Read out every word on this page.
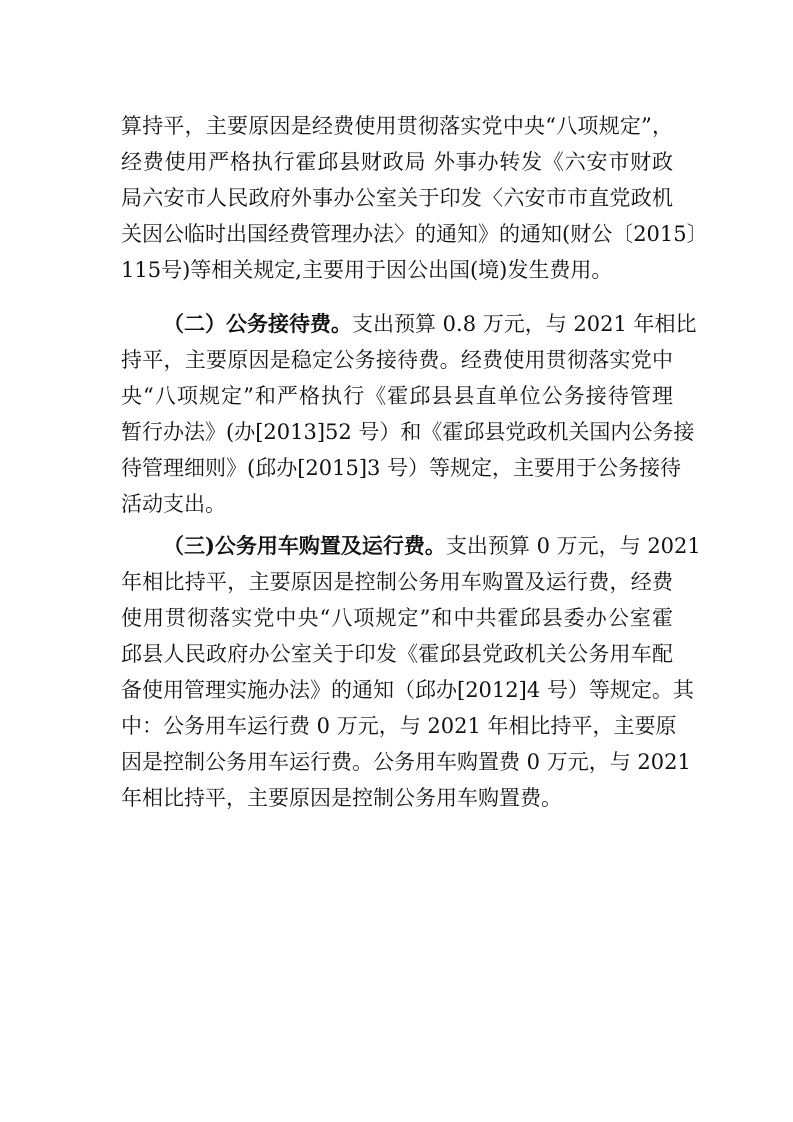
算持平，主要原因是经费使用贯彻落实党中央“八项规定”，
经费使用严格执行霍邱县财政局 外事办转发《六安市财政
局六安市人民政府外事办公室关于印发〈六安市市直党政机
关因公临时出国经费管理办法〉的通知》的通知(财公〔2015〕
115号)等相关规定,主要用于因公出国(境)发生费用。
（二）公务接待费。支出预算 0.8 万元，与 2021 年相比
持平，主要原因是稳定公务接待费。经费使用贯彻落实党中
央“八项规定”和严格执行《霍邱县县直单位公务接待管理
暂行办法》(办[2013]52 号）和《霍邱县党政机关国内公务接
待管理细则》(邱办[2015]3 号）等规定，主要用于公务接待
活动支出。
（三)公务用车购置及运行费。支出预算 0 万元，与 2021
年相比持平，主要原因是控制公务用车购置及运行费，经费
使用贯彻落实党中央“八项规定”和中共霍邱县委办公室霍
邱县人民政府办公室关于印发《霍邱县党政机关公务用车配
备使用管理实施办法》的通知（邱办[2012]4 号）等规定。其
中：公务用车运行费 0 万元，与 2021 年相比持平，主要原
因是控制公务用车运行费。公务用车购置费 0 万元，与 2021
年相比持平，主要原因是控制公务用车购置费。
